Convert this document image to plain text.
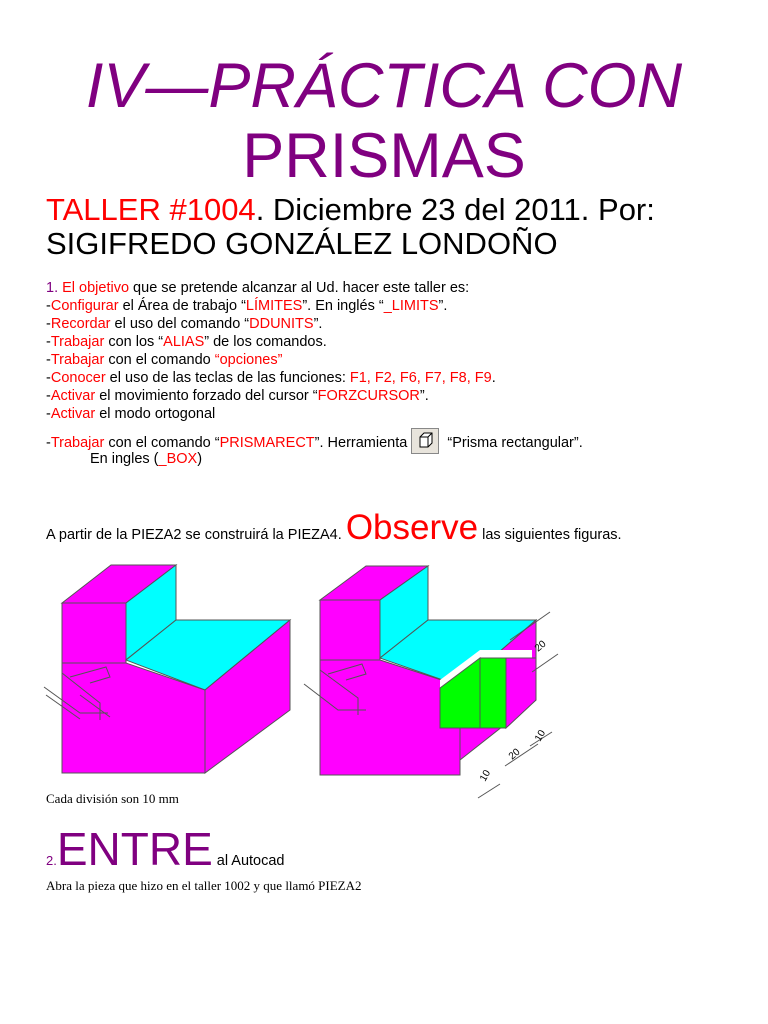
IV—PRÁCTICA CON
PRISMAS
TALLER #1004. Diciembre 23 del 2011. Por:
SIGIFREDO GONZÁLEZ LONDOÑO
1. El objetivo que se pretende alcanzar al Ud. hacer este taller es:
-Configurar el Área de trabajo “LÍMITES”. En inglés “_LIMITS”.
-Recordar el uso del comando “DDUNITS”.
-Trabajar con los “ALIAS” de los comandos.
-Trabajar con el comando “opciones”
-Conocer el uso de las teclas de las funciones: F1, F2, F6, F7, F8, F9.
-Activar el movimiento forzado del cursor “FORZCURSOR”.
-Activar el modo ortogonal
-Trabajar con el comando “PRISMARECT”. Herramienta	“Prisma rectangular”.
En ingles (_BOX)
A partir de la PIEZA2 se construirá la PIEZA4. Observe las siguientes figuras.
20
20
10
10
Cada división son 10 mm
2.ENTRE al Autocad
Abra la pieza que hizo en el taller 1002 y que llamó PIEZA2
